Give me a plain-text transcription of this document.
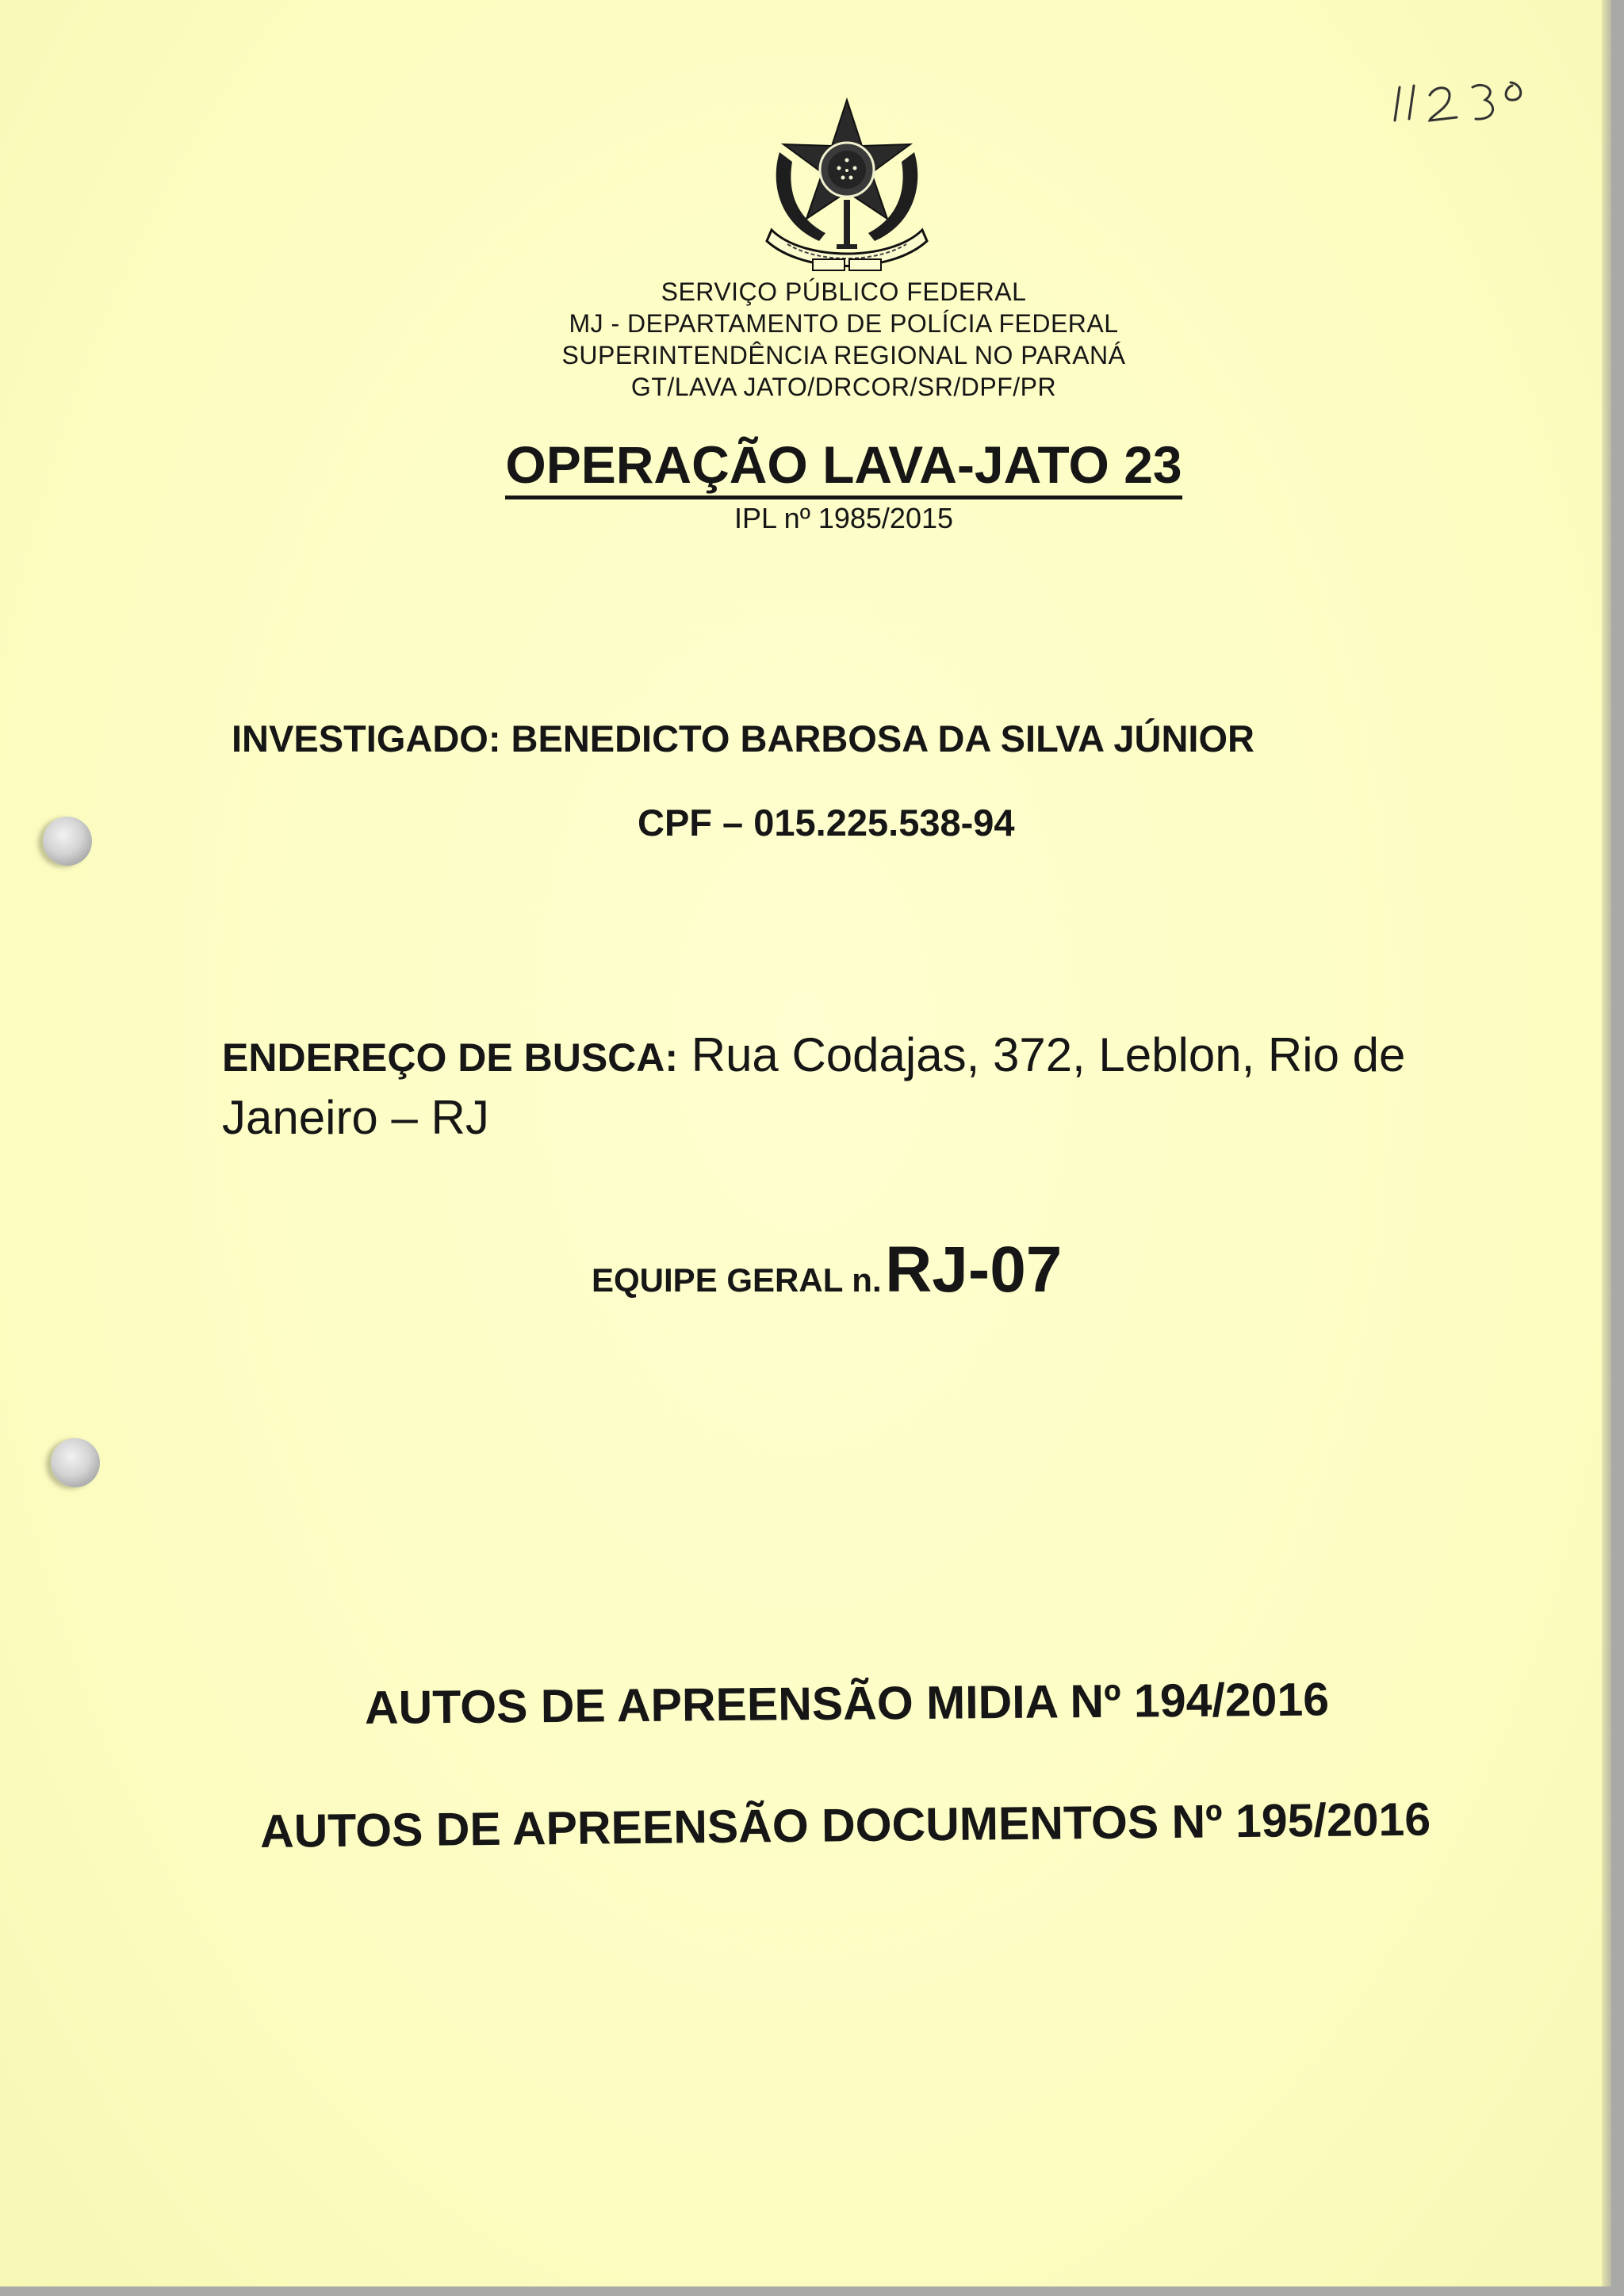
SERVIÇO PÚBLICO FEDERAL
MJ - DEPARTAMENTO DE POLÍCIA FEDERAL
SUPERINTENDÊNCIA REGIONAL NO PARANÁ
GT/LAVA JATO/DRCOR/SR/DPF/PR
OPERAÇÃO LAVA-JATO 23
IPL nº 1985/2015
INVESTIGADO: BENEDICTO BARBOSA DA SILVA JÚNIOR
CPF – 015.225.538-94
ENDEREÇO DE BUSCA: Rua Codajas, 372, Leblon, Rio de Janeiro – RJ
EQUIPE GERAL n. RJ-07
AUTOS DE APREENSÃO MIDIA Nº 194/2016
AUTOS DE APREENSÃO DOCUMENTOS Nº 195/2016
